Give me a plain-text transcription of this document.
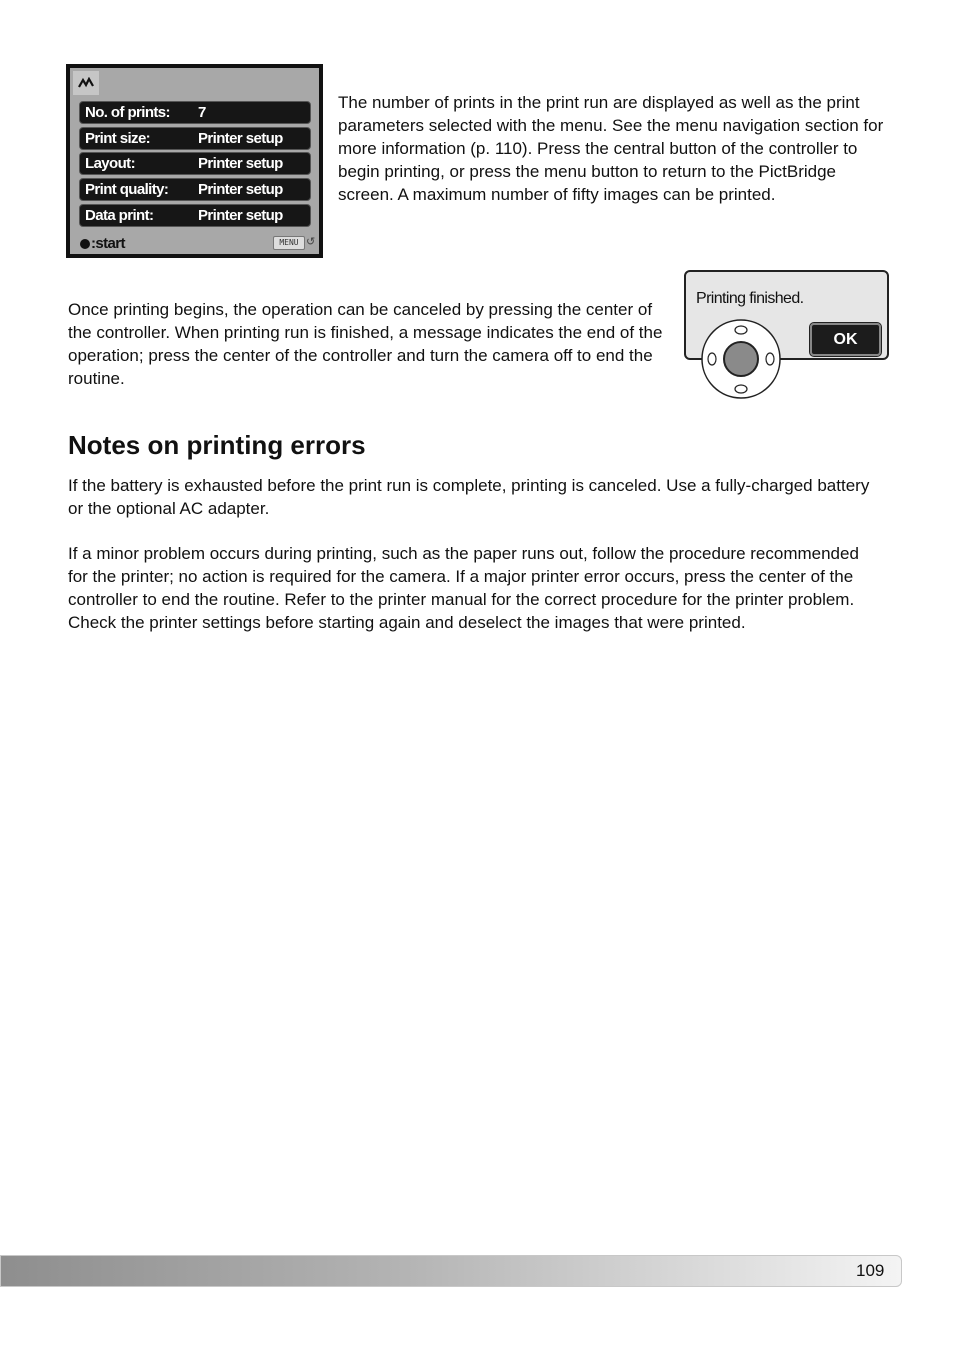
No. of prints: 7
Print size:	Printer setup
Layout:	Printer setup
Print quality: Printer setup
Data print:	Printer setup
:start	MENU ↺
The number of prints in the print run are displayed as well as the print parameters selected with the menu. See the menu navigation section for more information (p. 110). Press the central button of the controller to begin printing, or press the menu button to return to the PictBridge screen. A maximum number of fifty images can be printed.
Once printing begins, the operation can be canceled by pressing the center of the controller. When printing run is finished, a message indicates the end of the operation; press the center of the controller and turn the camera off to end the routine.
Printing finished.
OK
Notes on printing errors
If the battery is exhausted before the print run is complete, printing is canceled. Use a fully-charged battery or the optional AC adapter.
If a minor problem occurs during printing, such as the paper runs out, follow the procedure recommended for the printer; no action is required for the camera. If a major printer error occurs, press the center of the controller to end the routine. Refer to the printer manual for the correct procedure for the printer problem. Check the printer settings before starting again and deselect the images that were printed.
109
